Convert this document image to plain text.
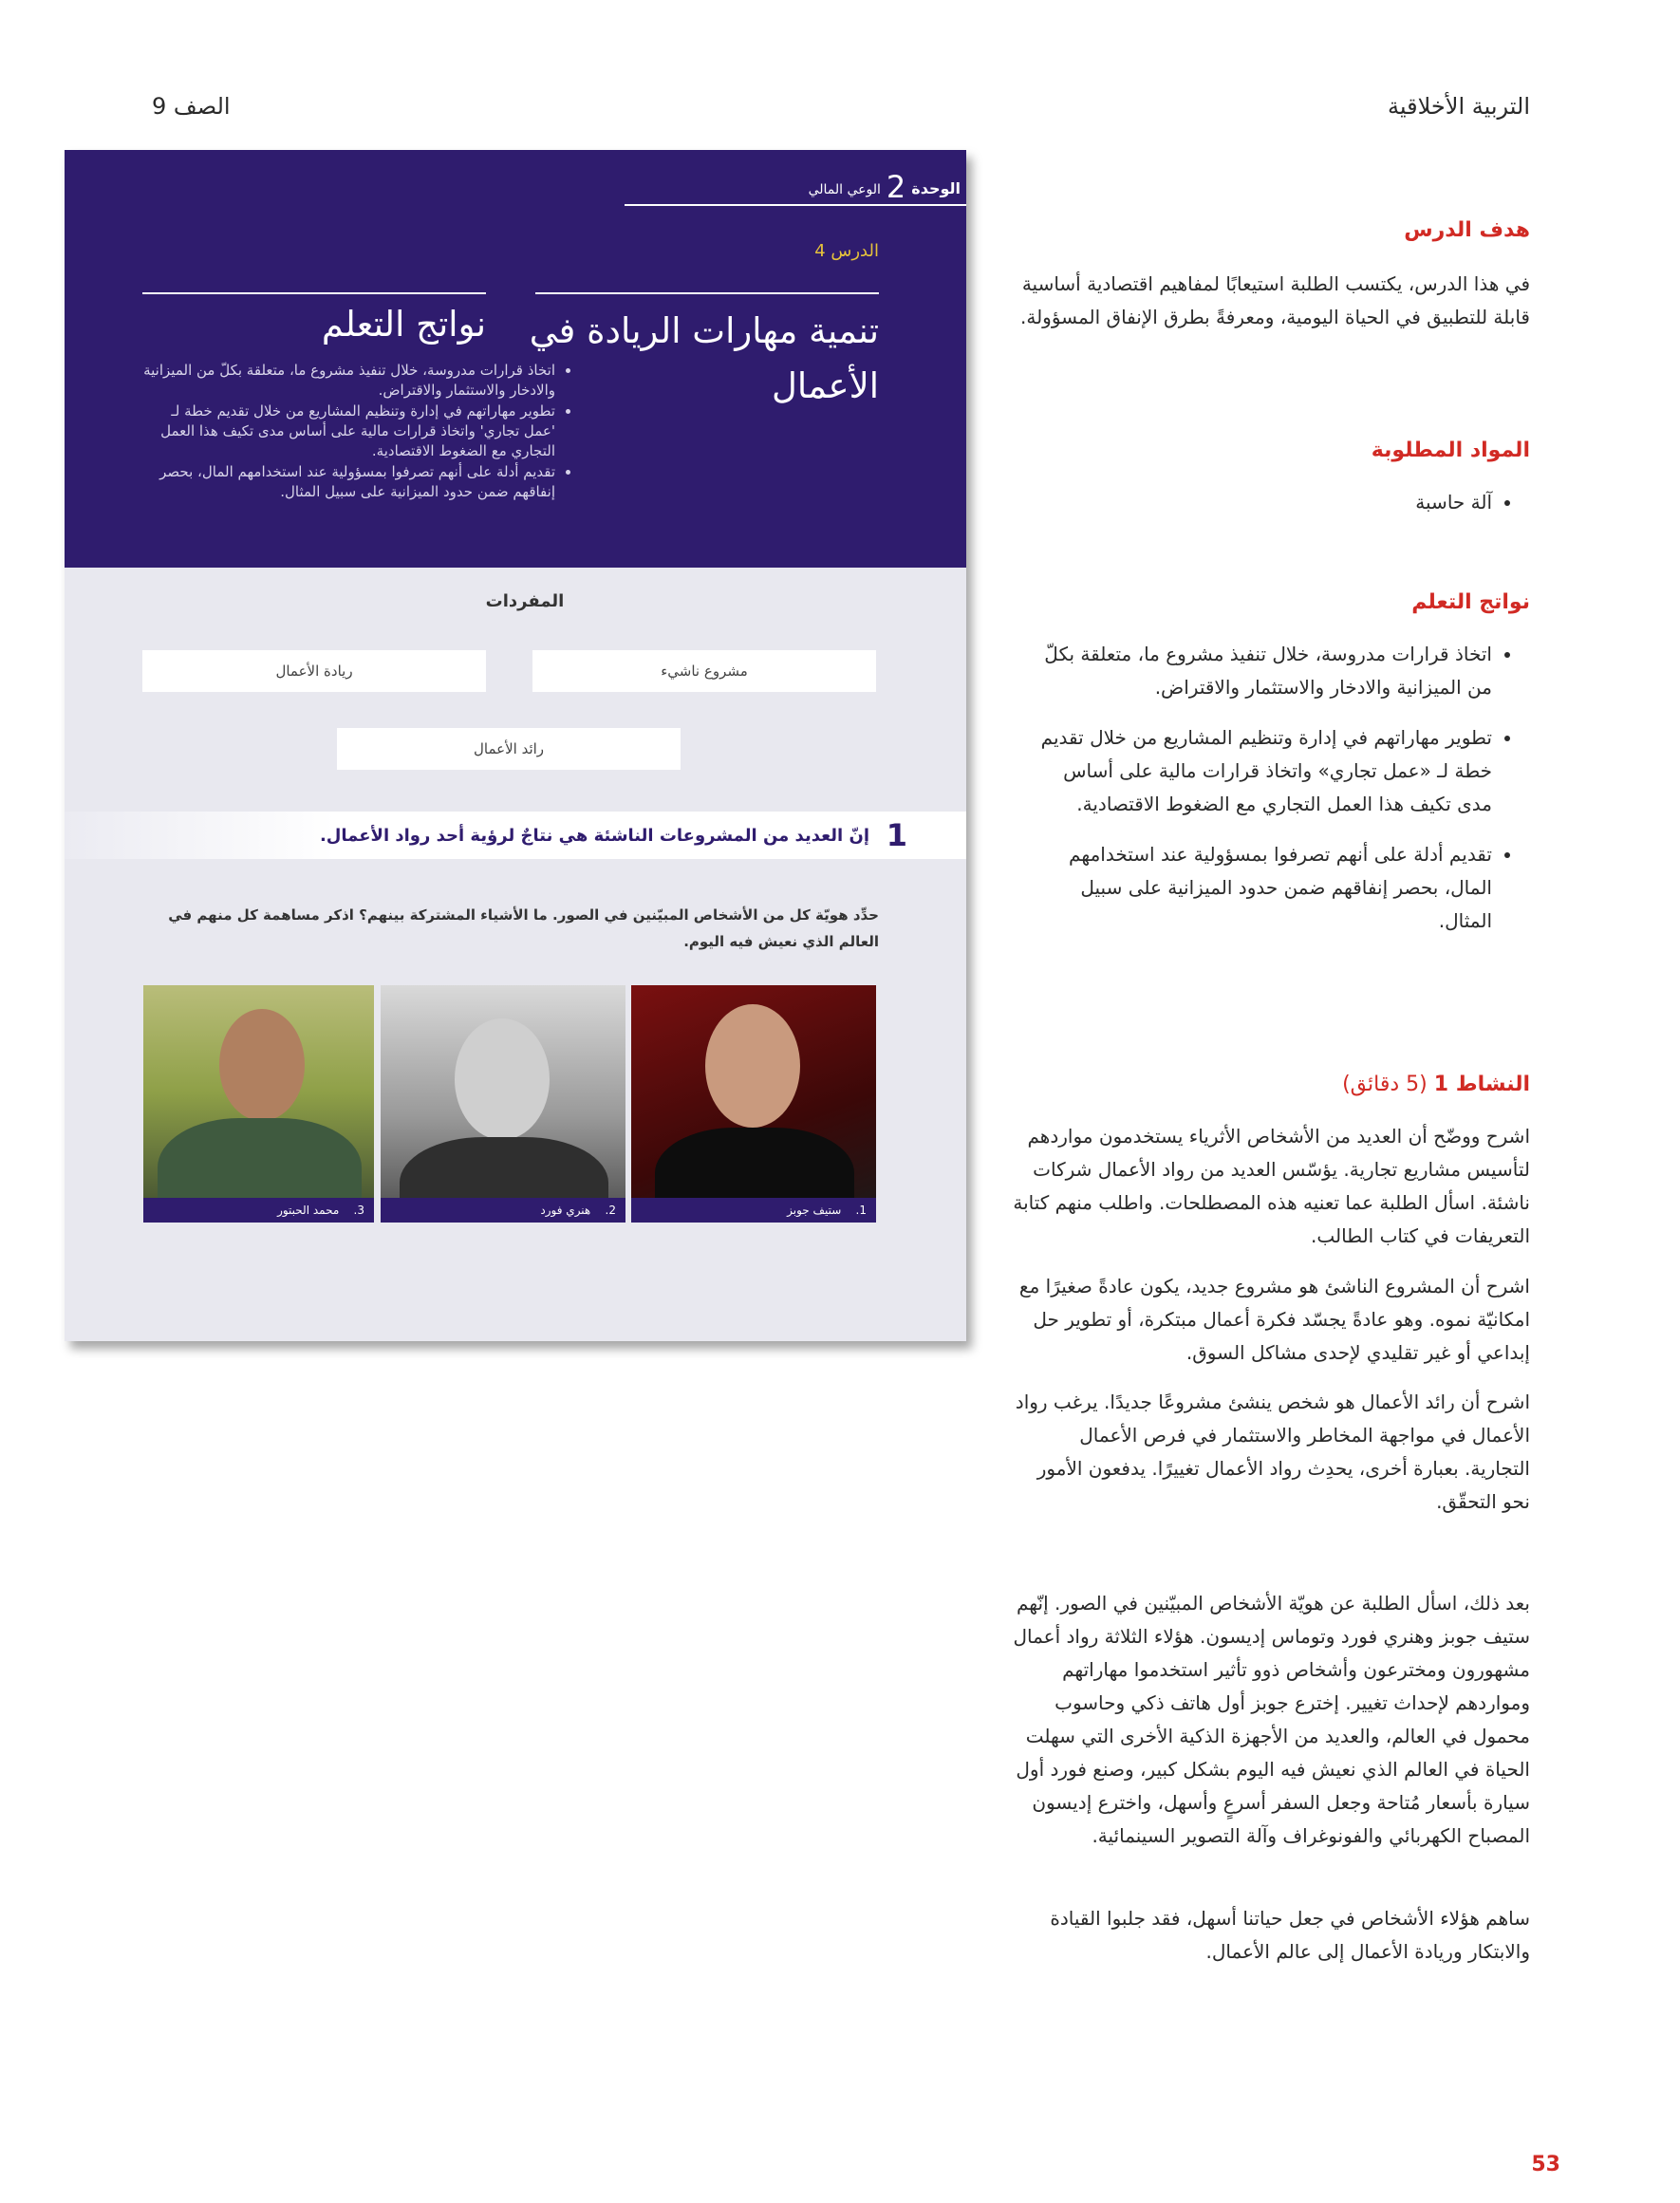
التربية الأخلاقية
الصف 9
الوحدة2الوعي المالي
الدرس 4
تنمية مهارات الريادة في الأعمال
نواتج التعلم
• اتخاذ قرارات مدروسة، خلال تنفيذ مشروع ما، متعلقة بكلّ من الميزانية والادخار والاستثمار والاقتراض.
• تطوير مهاراتهم في إدارة وتنظيم المشاريع من خلال تقديم خطة لـ 'عمل تجاري' واتخاذ قرارات مالية على أساس مدى تكيف هذا العمل التجاري مع الضغوط الاقتصادية.
• تقديم أدلة على أنهم تصرفوا بمسؤولية عند استخدامهم المال، بحصر إنفاقهم ضمن حدود الميزانية على سبيل المثال.
المفردات
مشروع ناشيء
ريادة الأعمال
رائد الأعمال
1
إنّ العديد من المشروعات الناشئة هي نتاجٌ لرؤية أحد رواد الأعمال.
حدِّد هويّة كل من الأشخاص المبيّنين في الصور. ما الأشياء المشتركة بينهم؟ اذكر مساهمة كل منهم في العالم الذي نعيش فيه اليوم.
1.

ستيف جوبز
2.

هنري فورد
3.

محمد الحبتور
هدف الدرس
في هذا الدرس، يكتسب الطلبة استيعابًا لمفاهيم اقتصادية أساسية قابلة للتطبيق في الحياة اليومية، ومعرفةً بطرق الإنفاق المسؤولة.
المواد المطلوبة
• آلة حاسبة
نواتج التعلم
• اتخاذ قرارات مدروسة، خلال تنفيذ مشروع ما، متعلقة بكلّ من الميزانية والادخار والاستثمار والاقتراض.
• تطوير مهاراتهم في إدارة وتنظيم المشاريع من خلال تقديم خطة لـ «عمل تجاري» واتخاذ قرارات مالية على أساس مدى تكيف هذا العمل التجاري مع الضغوط الاقتصادية.
• تقديم أدلة على أنهم تصرفوا بمسؤولية عند استخدامهم المال، بحصر إنفاقهم ضمن حدود الميزانية على سبيل المثال.
النشاط 1 (5 دقائق)
اشرح ووضّح أن العديد من الأشخاص الأثرياء يستخدمون مواردهم لتأسيس مشاريع تجارية. يؤسّس العديد من رواد الأعمال شركات ناشئة. اسأل الطلبة عما تعنيه هذه المصطلحات. واطلب منهم كتابة التعريفات في كتاب الطالب.
اشرح أن المشروع الناشئ هو مشروع جديد، يكون عادةً صغيرًا مع امكانيّة نموه. وهو عادةً يجسّد فكرة أعمال مبتكرة، أو تطوير حل إبداعي أو غير تقليدي لإحدى مشاكل السوق.
اشرح أن رائد الأعمال هو شخص ينشئ مشروعًا جديدًا. يرغب رواد الأعمال في مواجهة المخاطر والاستثمار في فرص الأعمال التجارية. بعبارة أخرى، يحدِث رواد الأعمال تغييرًا. يدفعون الأمور نحو التحقّق.
بعد ذلك، اسأل الطلبة عن هويّة الأشخاص المبيّنين في الصور. إنّهم ستيف جوبز وهنري فورد وتوماس إديسون. هؤلاء الثلاثة رواد أعمال مشهورون ومخترعون وأشخاص ذوو تأثير استخدموا مهاراتهم ومواردهم لإحداث تغيير. إخترع جوبز أول هاتف ذكي وحاسوب محمول في العالم، والعديد من الأجهزة الذكية الأخرى التي سهلت الحياة في العالم الذي نعيش فيه اليوم بشكل كبير، وصنع فورد أول سيارة بأسعار مُتاحة وجعل السفر أسرعٍ وأسهل، واخترع إديسون المصباح الكهربائي والفونوغراف وآلة التصوير السينمائية.
ساهم هؤلاء الأشخاص في جعل حياتنا أسهل، فقد جلبوا القيادة والابتكار وريادة الأعمال إلى عالم الأعمال.
53
